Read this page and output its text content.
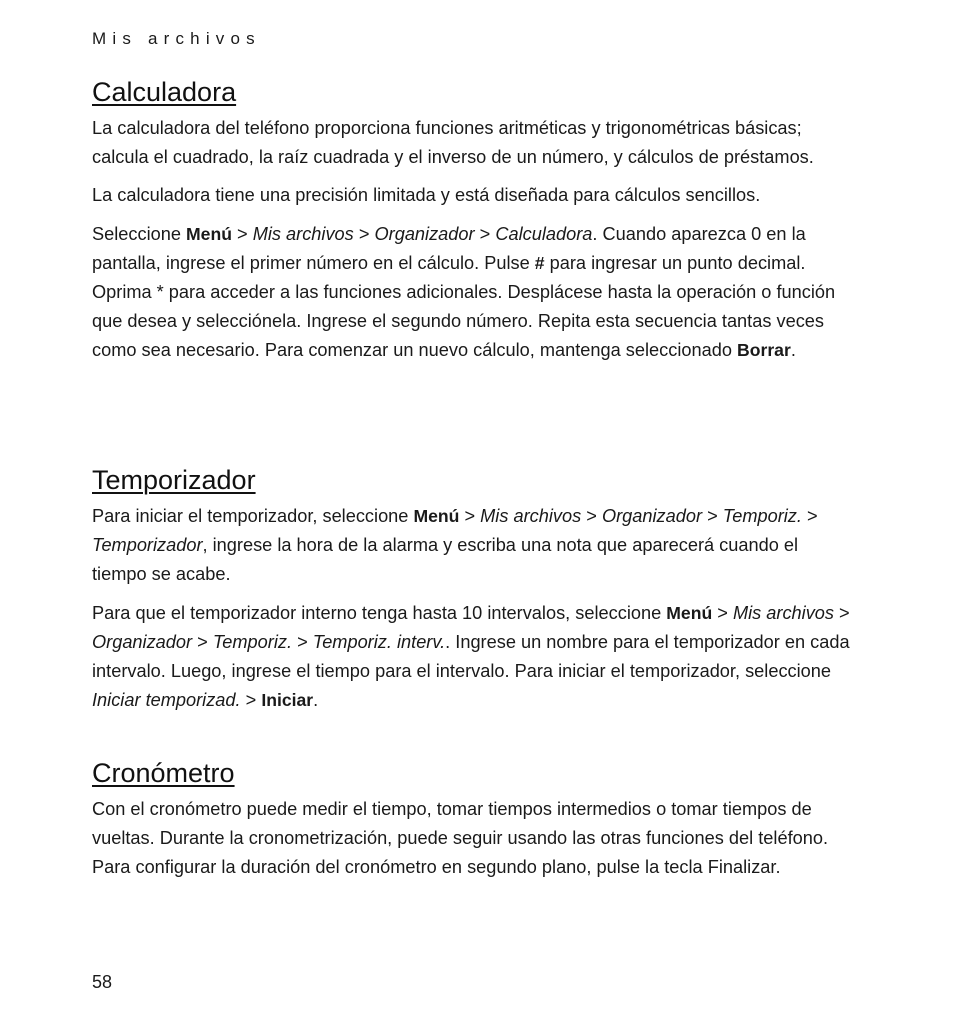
Mis archivos
Calculadora

La calculadora del teléfono proporciona funciones aritméticas y trigonométricas básicas; calcula el cuadrado, la raíz cuadrada y el inverso de un número, y cálculos de préstamos.

La calculadora tiene una precisión limitada y está diseñada para cálculos sencillos.

Seleccione Menú > Mis archivos > Organizador > Calculadora. Cuando aparezca 0 en la pantalla, ingrese el primer número en el cálculo. Pulse # para ingresar un punto decimal. Oprima * para acceder a las funciones adicionales. Desplácese hasta la operación o función que desea y selecciónela. Ingrese el segundo número. Repita esta secuencia tantas veces como sea necesario. Para comenzar un nuevo cálculo, mantenga seleccionado Borrar.

Temporizador

Para iniciar el temporizador, seleccione Menú > Mis archivos > Organizador > Temporiz. > Temporizador, ingrese la hora de la alarma y escriba una nota que aparecerá cuando el tiempo se acabe.

Para que el temporizador interno tenga hasta 10 intervalos, seleccione Menú > Mis archivos > Organizador > Temporiz. > Temporiz. interv.. Ingrese un nombre para el temporizador en cada intervalo. Luego, ingrese el tiempo para el intervalo. Para iniciar el temporizador, seleccione Iniciar temporizad. > Iniciar.

Cronómetro

Con el cronómetro puede medir el tiempo, tomar tiempos intermedios o tomar tiempos de vueltas. Durante la cronometrización, puede seguir usando las otras funciones del teléfono. Para configurar la duración del cronómetro en segundo plano, pulse la tecla Finalizar.

58
